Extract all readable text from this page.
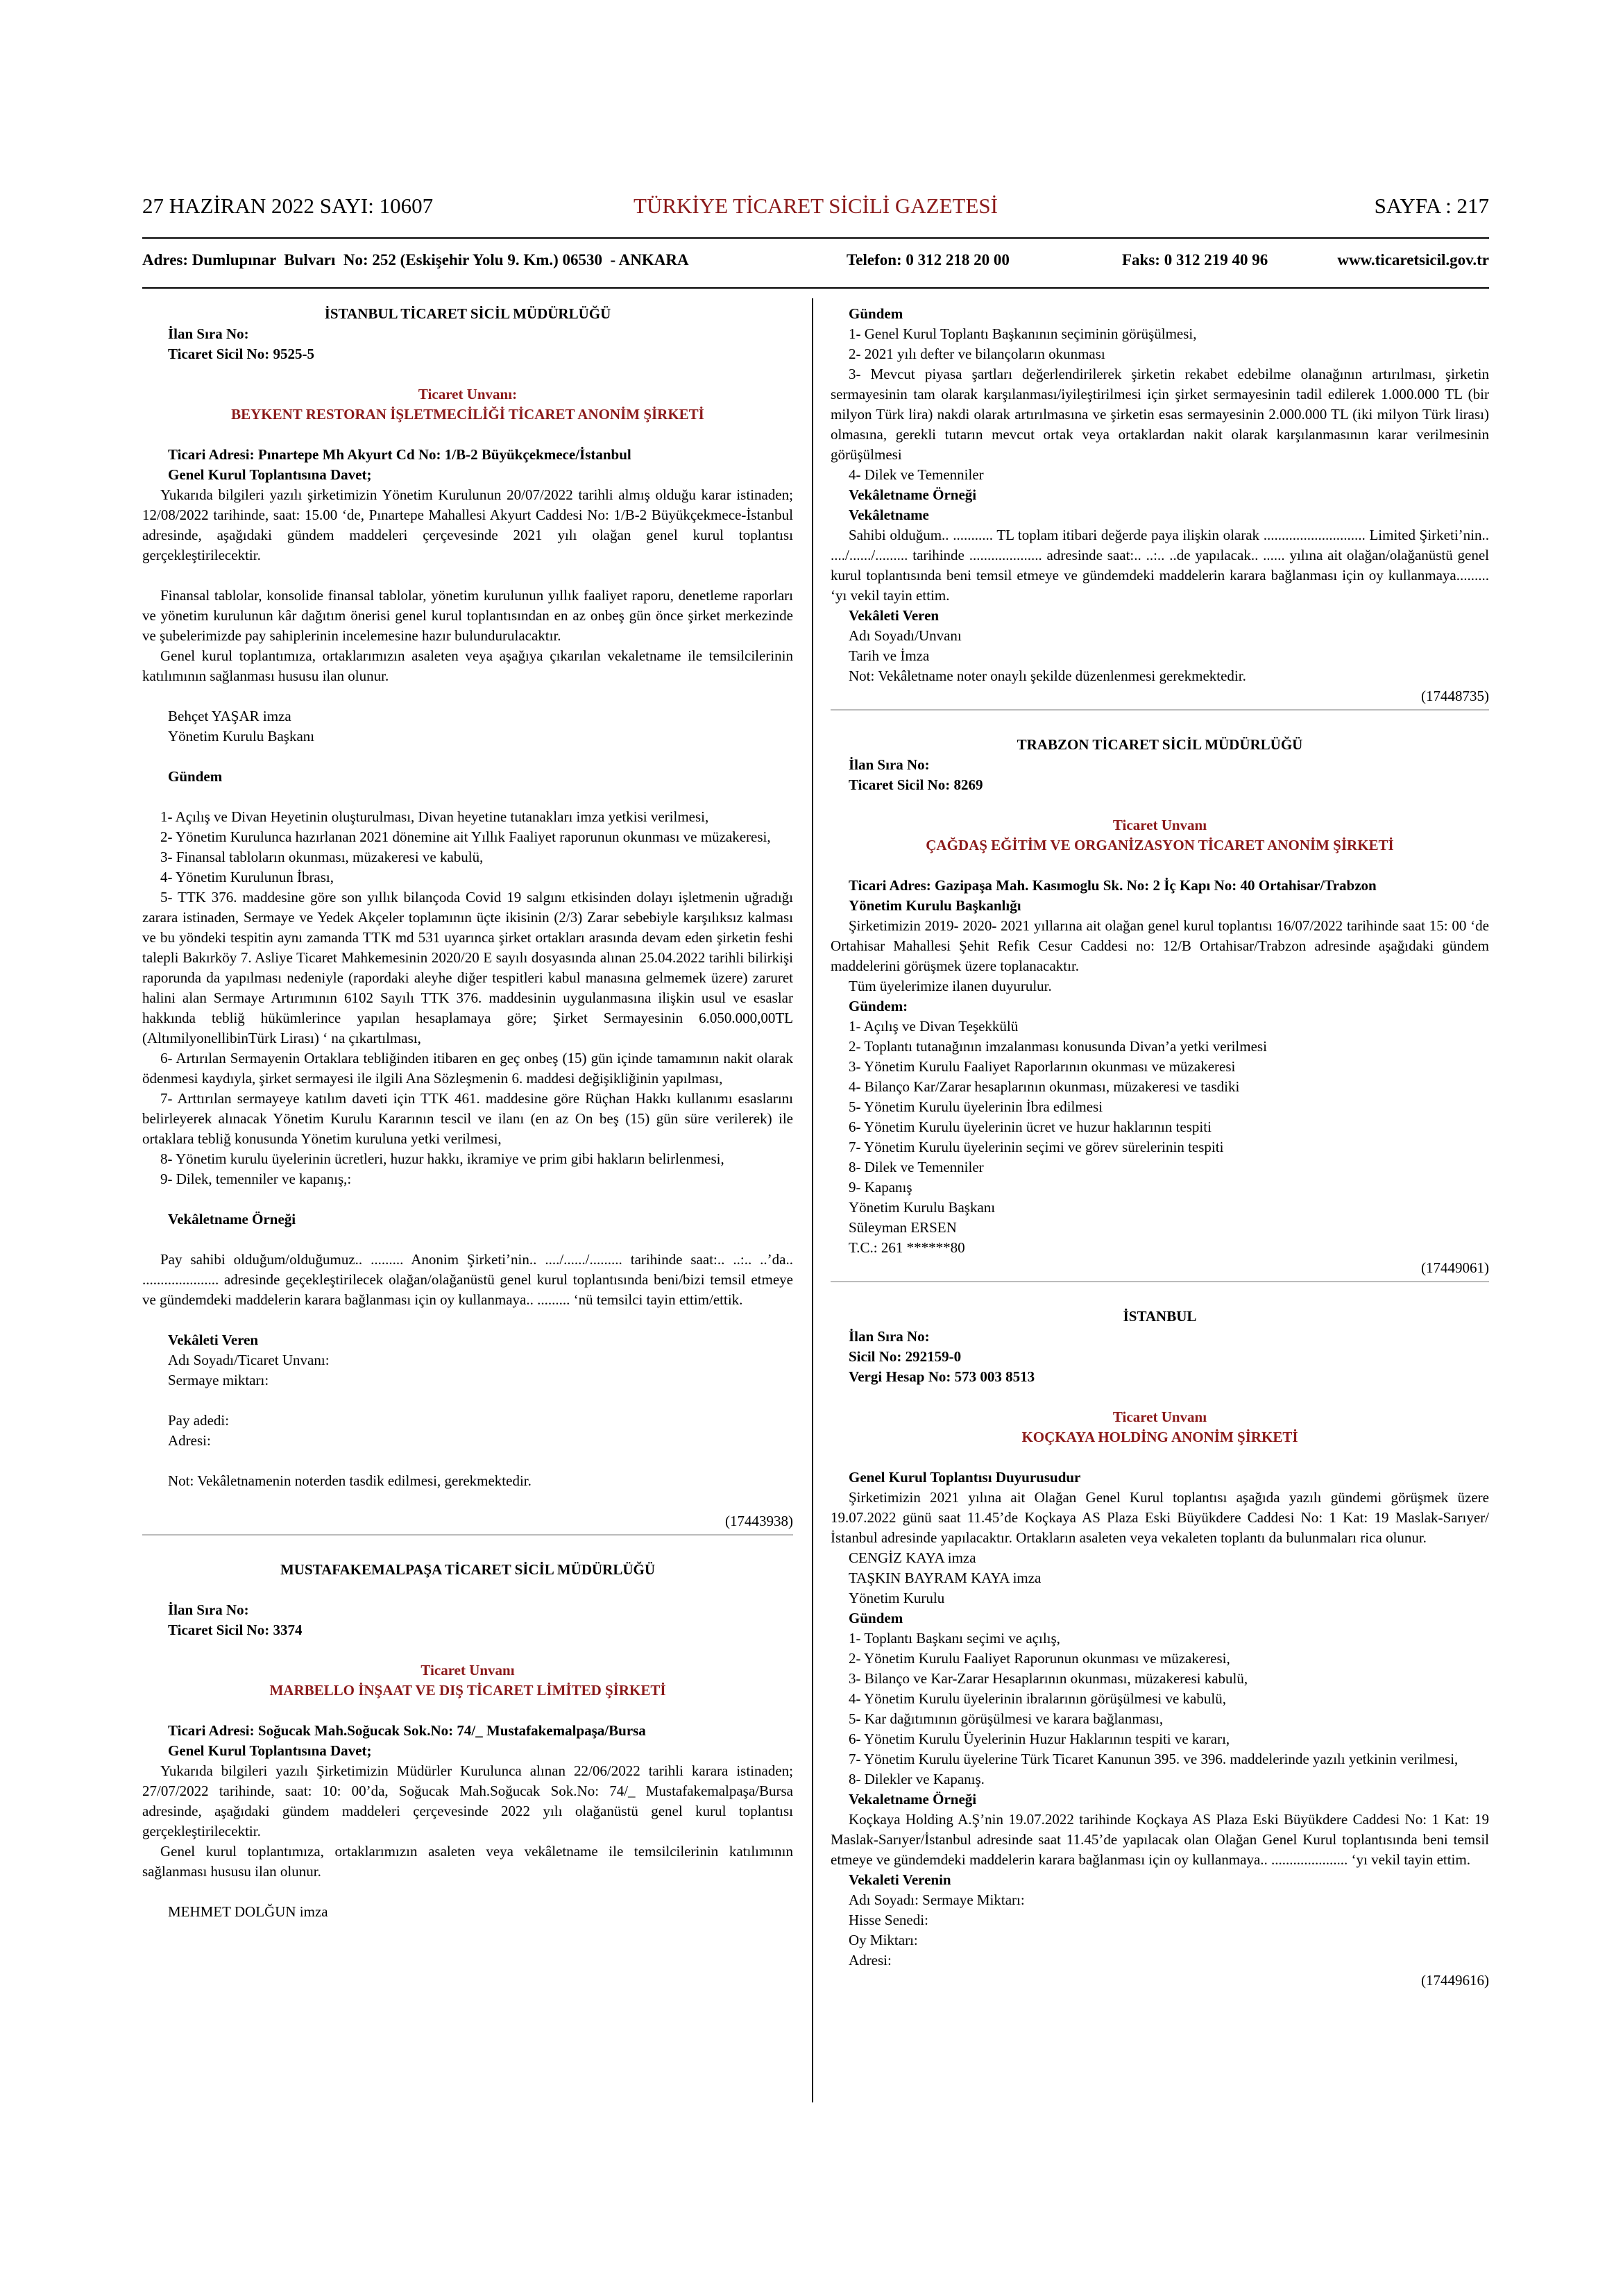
27 HAZİRAN 2022 SAYI: 10607	TÜRKİYE TİCARET SİCİLİ GAZETESİ	SAYFA : 217
Adres: Dumlupınar  Bulvarı  No: 252 (Eskişehir Yolu 9. Km.) 06530  - ANKARA	Telefon: 0 312 218 20 00	Faks: 0 312 219 40 96	www.ticaretsicil.gov.tr

İSTANBUL TİCARET SİCİL MÜDÜRLÜĞÜ

İlan Sıra No:

Ticaret Sicil No: 9525-5

Ticaret Unvanı:

BEYKENT RESTORAN İŞLETMECİLİĞİ TİCARET ANONİM ŞİRKETİ

Ticari Adresi: Pınartepe Mh Akyurt Cd No: 1/B-2 Büyükçekmece/İstanbul

Genel Kurul Toplantısına Davet;

Yukarıda bilgileri yazılı şirketimizin Yönetim Kurulunun 20/07/2022 tarihli almış olduğu karar istinaden; 12/08/2022 tarihinde, saat: 15.00 ‘de, Pınartepe Mahallesi Akyurt Caddesi No: 1/B-2 Büyükçekmece-İstanbul adresinde, aşağıdaki gündem maddeleri çerçevesinde 2021 yılı olağan genel kurul toplantısı gerçekleştirilecektir.

Finansal tablolar, konsolide finansal tablolar, yönetim kurulunun yıllık faaliyet raporu, denetleme raporları ve yönetim kurulunun kâr dağıtım önerisi genel kurul toplantısından en az onbeş gün önce şirket merkezinde ve şubelerimizde pay sahiplerinin incelemesine hazır bulundurulacaktır.

Genel kurul toplantımıza, ortaklarımızın asaleten veya aşağıya çıkarılan vekaletname ile temsilcilerinin katılımının sağlanması hususu ilan olunur.

Behçet YAŞAR imza

Yönetim Kurulu Başkanı

Gündem

1- Açılış ve Divan Heyetinin oluşturulması, Divan heyetine tutanakları imza yetkisi verilmesi,

2- Yönetim Kurulunca hazırlanan 2021 dönemine ait Yıllık Faaliyet raporunun okunması ve müzakeresi,

3- Finansal tabloların okunması, müzakeresi ve kabulü,

4- Yönetim Kurulunun İbrası,

5- TTK 376. maddesine göre son yıllık bilançoda Covid 19 salgını etkisinden dolayı işletmenin uğradığı zarara istinaden, Sermaye ve Yedek Akçeler toplamının üçte ikisinin (2/3) Zarar sebebiyle karşılıksız kalması ve bu yöndeki tespitin aynı zamanda TTK md 531 uyarınca şirket ortakları arasında devam eden şirketin feshi talepli Bakırköy 7. Asliye Ticaret Mahkemesinin 2020/20 E sayılı dosyasında alınan 25.04.2022 tarihli bilirkişi raporunda da yapılması nedeniyle (rapordaki aleyhe diğer tespitleri kabul manasına gelmemek üzere) zaruret halini alan Sermaye Artırımının 6102 Sayılı TTK 376. maddesinin uygulanmasına ilişkin usul ve esaslar hakkında tebliğ hükümlerince yapılan hesaplamaya göre; Şirket Sermayesinin 6.050.000,00TL (AltımilyonellibinTürk Lirası) ‘ na çıkartılması,

6- Artırılan Sermayenin Ortaklara tebliğinden itibaren en geç onbeş (15) gün içinde tamamının nakit olarak ödenmesi kaydıyla, şirket sermayesi ile ilgili Ana Sözleşmenin 6. maddesi değişikliğinin yapılması,

7- Arttırılan sermayeye katılım daveti için TTK 461. maddesine göre Rüçhan Hakkı kullanımı esaslarını belirleyerek alınacak Yönetim Kurulu Kararının tescil ve ilanı (en az On beş (15) gün süre verilerek) ile ortaklara tebliğ konusunda Yönetim kuruluna yetki verilmesi,

8- Yönetim kurulu üyelerinin ücretleri, huzur hakkı, ikramiye ve prim gibi hakların belirlenmesi,

9- Dilek, temenniler ve kapanış,:

Vekâletname Örneği

Pay sahibi olduğum/olduğumuz.. ......... Anonim Şirketi’nin.. ..../....../......... tarihinde saat:.. ..:.. ..’da.. ..................... adresinde geçekleştirilecek olağan/olağanüstü genel kurul toplantısında beni/bizi temsil etmeye ve gündemdeki maddelerin karara bağlanması için oy kullanmaya.. ......... ‘nü temsilci tayin ettim/ettik.

Vekâleti Veren

Adı Soyadı/Ticaret Unvanı:

Sermaye miktarı:

Pay adedi:

Adresi:

Not: Vekâletnamenin noterden tasdik edilmesi, gerekmektedir.

(17443938)

MUSTAFAKEMALPAŞA TİCARET SİCİL MÜDÜRLÜĞÜ

İlan Sıra No:

Ticaret Sicil No: 3374

Ticaret Unvanı

MARBELLO İNŞAAT VE DIŞ TİCARET LİMİTED ŞİRKETİ

Ticari Adresi: Soğucak Mah.Soğucak Sok.No: 74/_ Mustafakemalpaşa/Bursa

Genel Kurul Toplantısına Davet;

Yukarıda bilgileri yazılı Şirketimizin Müdürler Kurulunca alınan 22/06/2022 tarihli karara istinaden; 27/07/2022 tarihinde, saat: 10: 00’da, Soğucak Mah.Soğucak Sok.No: 74/_ Mustafakemalpaşa/Bursa adresinde, aşağıdaki gündem maddeleri çerçevesinde 2022 yılı olağanüstü genel kurul toplantısı gerçekleştirilecektir.

Genel kurul toplantımıza, ortaklarımızın asaleten veya vekâletname ile temsilcilerinin katılımının sağlanması hususu ilan olunur.

MEHMET DOLĞUN imza

Gündem

1- Genel Kurul Toplantı Başkanının seçiminin görüşülmesi,

2- 2021 yılı defter ve bilançoların okunması

3- Mevcut piyasa şartları değerlendirilerek şirketin rekabet edebilme olanağının artırılması, şirketin sermayesinin tam olarak karşılanması/iyileştirilmesi için şirket sermayesinin tadil edilerek 1.000.000 TL (bir milyon Türk lira) nakdi olarak artırılmasına ve şirketin esas sermayesinin 2.000.000 TL (iki milyon Türk lirası) olmasına, gerekli tutarın mevcut ortak veya ortaklardan nakit olarak karşılanmasının karar verilmesinin görüşülmesi

4- Dilek ve Temenniler

Vekâletname Örneği

Vekâletname

Sahibi olduğum.. ........... TL toplam itibari değerde paya ilişkin olarak ............................ Limited Şirketi’nin.. ..../....../......... tarihinde .................... adresinde saat:.. ..:.. ..de yapılacak.. ...... yılına ait olağan/olağanüstü genel kurul toplantısında beni temsil etmeye ve gündemdeki maddelerin karara bağlanması için oy kullanmaya......... ‘yı vekil tayin ettim.

Vekâleti Veren

Adı Soyadı/Unvanı

Tarih ve İmza

Not: Vekâletname noter onaylı şekilde düzenlenmesi gerekmektedir.

(17448735)

TRABZON TİCARET SİCİL MÜDÜRLÜĞÜ

İlan Sıra No:

Ticaret Sicil No: 8269

Ticaret Unvanı

ÇAĞDAŞ EĞİTİM VE ORGANİZASYON TİCARET ANONİM ŞİRKETİ

Ticari Adres: Gazipaşa Mah. Kasımoglu Sk. No: 2 İç Kapı No: 40 Ortahisar/Trabzon

Yönetim Kurulu Başkanlığı

Şirketimizin 2019- 2020- 2021 yıllarına ait olağan genel kurul toplantısı 16/07/2022 tarihinde saat 15: 00 ‘de Ortahisar Mahallesi Şehit Refik Cesur Caddesi no: 12/B Ortahisar/Trabzon adresinde aşağıdaki gündem maddelerini görüşmek üzere toplanacaktır.

Tüm üyelerimize ilanen duyurulur.

Gündem:

1- Açılış ve Divan Teşekkülü

2- Toplantı tutanağının imzalanması konusunda Divan’a yetki verilmesi

3- Yönetim Kurulu Faaliyet Raporlarının okunması ve müzakeresi

4- Bilanço Kar/Zarar hesaplarının okunması, müzakeresi ve tasdiki

5- Yönetim Kurulu üyelerinin İbra edilmesi

6- Yönetim Kurulu üyelerinin ücret ve huzur haklarının tespiti

7- Yönetim Kurulu üyelerinin seçimi ve görev sürelerinin tespiti

8- Dilek ve Temenniler

9- Kapanış

Yönetim Kurulu Başkanı

Süleyman ERSEN

T.C.: 261 ******80

(17449061)

İSTANBUL

İlan Sıra No:

Sicil No: 292159-0

Vergi Hesap No: 573 003 8513

Ticaret Unvanı

KOÇKAYA HOLDİNG ANONİM ŞİRKETİ

Genel Kurul Toplantısı Duyurusudur

Şirketimizin 2021 yılına ait Olağan Genel Kurul toplantısı aşağıda yazılı gündemi görüşmek üzere 19.07.2022 günü saat 11.45’de Koçkaya AS Plaza Eski Büyükdere Caddesi No: 1 Kat: 19 Maslak-Sarıyer/İstanbul adresinde yapılacaktır. Ortakların asaleten veya vekaleten toplantı da bulunmaları rica olunur.

CENGİZ KAYA imza

TAŞKIN BAYRAM KAYA imza

Yönetim Kurulu

Gündem

1- Toplantı Başkanı seçimi ve açılış,

2- Yönetim Kurulu Faaliyet Raporunun okunması ve müzakeresi,

3- Bilanço ve Kar-Zarar Hesaplarının okunması, müzakeresi kabulü,

4- Yönetim Kurulu üyelerinin ibralarının görüşülmesi ve kabulü,

5- Kar dağıtımının görüşülmesi ve karara bağlanması,

6- Yönetim Kurulu Üyelerinin Huzur Haklarının tespiti ve kararı,

7- Yönetim Kurulu üyelerine Türk Ticaret Kanunun 395. ve 396. maddelerinde yazılı yetkinin verilmesi,

8- Dilekler ve Kapanış.

Vekaletname Örneği

Koçkaya Holding A.Ş’nin 19.07.2022 tarihinde Koçkaya AS Plaza Eski Büyükdere Caddesi No: 1 Kat: 19 Maslak-Sarıyer/İstanbul adresinde saat 11.45’de yapılacak olan Olağan Genel Kurul toplantısında beni temsil etmeye ve gündemdeki maddelerin karara bağlanması için oy kullanmaya.. ..................... ‘yı vekil tayin ettim.

Vekaleti Verenin

Adı Soyadı: Sermaye Miktarı:

Hisse Senedi:

Oy Miktarı:

Adresi:

(17449616)
